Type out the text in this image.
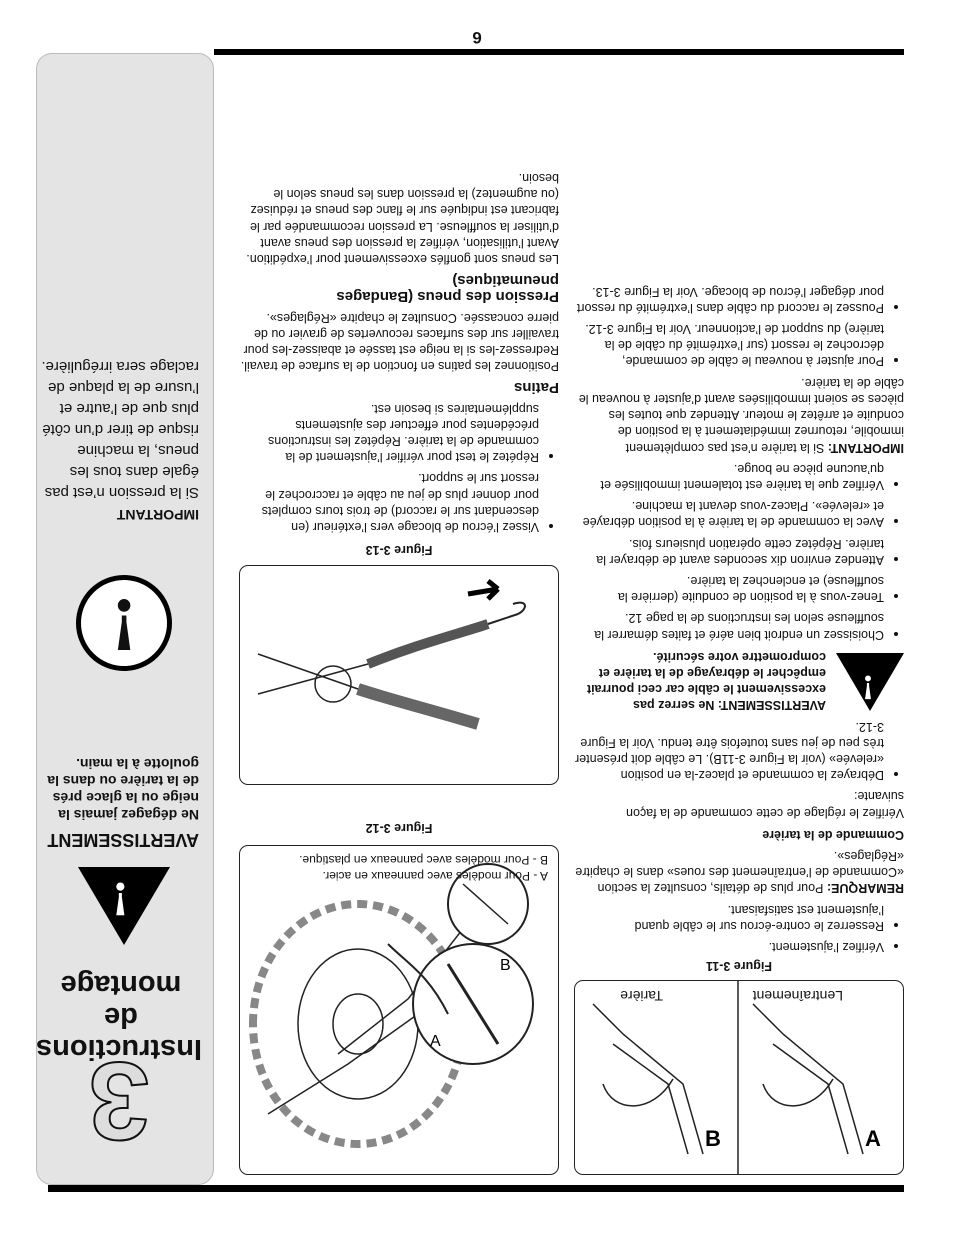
6
3
Instructions de montage
!
AVERTISSEMENT
Ne dégagez jamais la neige ou la glace prés de la tarière ou dans la goulotte à la main.
!
IMPORTANT
Si la pression n’est pas égale dans tous les pneus, la machine risque de tirer d’un côté plus que de l’autre et l’usure de la plaque de raclage sera irrégulière.
A
B
A - Pour modèles avec panneaux en acier.
B - Pour modèles avec panneaux en plastique.
Figure 3-12
Figure 3-13
• Vissez l’écrou de blocage vers l’extérieur (en descendant sur le raccord) de trois tours complets pour donner plus de jeu au câble et raccrochez le ressort sur le support.
• Répétez le test pour vérifier l’ajustement de la commande de la tarière. Répétez les instructions précédentes pour effectuer des ajustements supplémentaires si besoin est.
Patins

Positionnez les patins en fonction de la surface de travail. Redressez-les si la neige est tassée et abaissez-les pour travailler sur des surfaces recouvertes de gravier ou de pierre concassée. Consultez le chapitre «Réglages».

Pression des pneus (Bandages pneumatiques)

Les pneus sont gonflés excessivement pour l’expédition. Avant l’utilisation, vérifiez la pression des pneus avant d’utiliser la souffleuse. La pression recommandée par le fabricant est indiquée sur le flanc des pneus et réduisez (ou augmentez) la pression dans les pneus selon le besoin.

A
B
Lentraînement
Tarière
Figure 3-11
• Vérifiez l’ajustement.
• Resserrez le contre-écrou sur le câble quand l’ajustement est satisfaisant.

REMARQUE: Pour plus de détails, consultez la section «Commande de l’entraînement des roues» dans le chapitre «Réglages».

Commande de la tarière

Vérifiez le réglage de cette commande de la façon suivante:

• Débrayez la commande et placez-la en position «relevée» (voir la Figure 3-11B). Le câble doit présenter très peu de jeu sans toutefois être tendu. Voir la Figure 3-12.
!
AVERTISSEMENT: Ne serrez pas excessivement le câble car ceci pourrait empêcher le débrayage de la tarière et compromettre votre sécurité.
• Choisissez un endroit bien aéré et faites démarrer la souffleuse selon les instructions de la page 12.
• Tenez-vous à la position de conduite (derrière la souffleuse) et enclenchez la tarière.
• Attendez environ dix secondes avant de débrayer la tarière. Répétez cette opération plusieurs fois.
• Avec la commande de la tarière à la position débrayée et «relevée». Placez-vous devant la machine.
• Vérifiez que la tarière est totalement immobilisée et qu’aucune pièce ne bouge.

IMPORTANT: Si la tarière n’est pas complètement immobile, retournez immédiatement à la position de conduite et arrêtez le moteur. Attendez que toutes les pièces se soient immobilisées avant d’ajuster à nouveau le câble de la tarière.

• Pour ajuster à nouveau le câble de commande, décrochez le ressort (sur l’extrémité du câble de la tarière) du support de l’actionneur. Voir la Figure 3-12.
• Poussez le raccord du câble dans l’extrémité du ressort pour dégager l’écrou de blocage. Voir la Figure 3-13.
